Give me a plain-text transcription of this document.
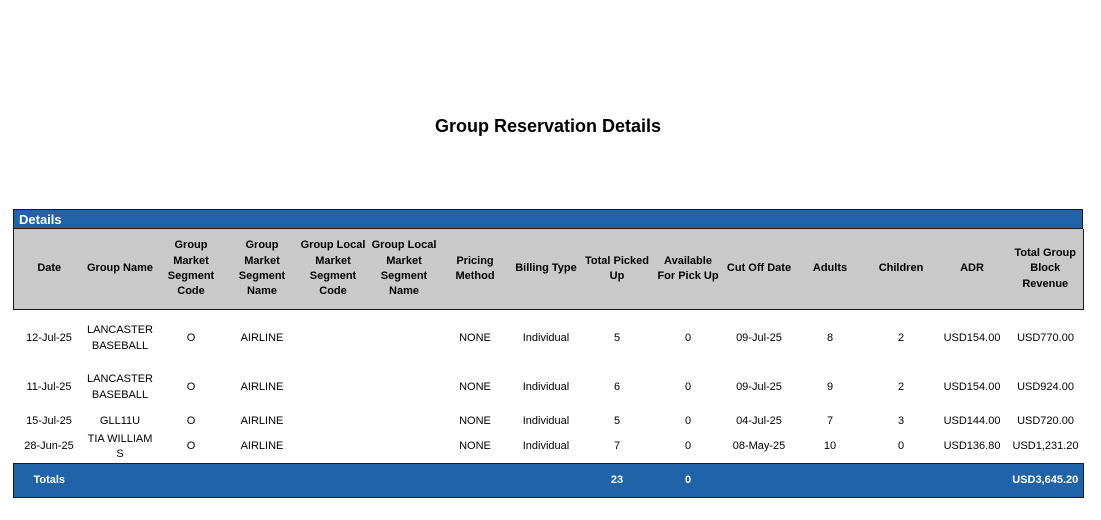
Group Reservation Details
Details
Date	Group Name	Group Market Segment Code	Group Market Segment Name	Group Local Market Segment Code	Group Local Market Segment Name	Pricing Method	Billing Type	Total Picked Up	Available For Pick Up	Cut Off Date	Adults	Children	ADR	Total Group Block Revenue

12-Jul-25	LANCASTER BASEBALL	O	AIRLINE			NONE	Individual	5	0	09-Jul-25	8	2	USD154.00	USD770.00
11-Jul-25	LANCASTER BASEBALL	O	AIRLINE			NONE	Individual	6	0	09-Jul-25	9	2	USD154.00	USD924.00
15-Jul-25	GLL11U	O	AIRLINE			NONE	Individual	5	0	04-Jul-25	7	3	USD144.00	USD720.00
28-Jun-25	TIA WILLIAMS	O	AIRLINE			NONE	Individual	7	0	08-May-25	10	0	USD136.80	USD1,231.20
Totals								23	0					USD3,645.20
